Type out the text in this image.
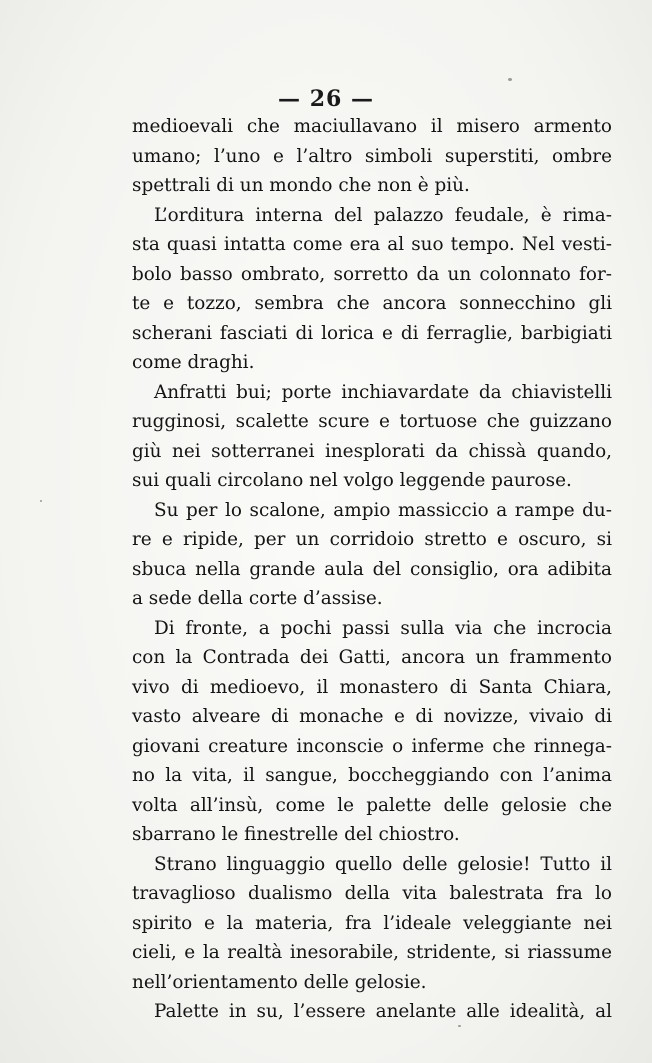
— 26 —
medioevali che maciullavano il misero armento
umano; l’uno e l’altro simboli superstiti, ombre
spettrali di un mondo che non è più.
L’orditura interna del palazzo feudale, è rima-
sta quasi intatta come era al suo tempo. Nel vesti-
bolo basso ombrato, sorretto da un colonnato for-
te e tozzo, sembra che ancora sonnecchino gli
scherani fasciati di lorica e di ferraglie, barbigiati
come draghi.
Anfratti bui; porte inchiavardate da chiavistelli
rugginosi, scalette scure e tortuose che guizzano
giù nei sotterranei inesplorati da chissà quando,
sui quali circolano nel volgo leggende paurose.
Su per lo scalone, ampio massiccio a rampe du-
re e ripide, per un corridoio stretto e oscuro, si
sbuca nella grande aula del consiglio, ora adibita
a sede della corte d’assise.
Di fronte, a pochi passi sulla via che incrocia
con la Contrada dei Gatti, ancora un frammento
vivo di medioevo, il monastero di Santa Chiara,
vasto alveare di monache e di novizze, vivaio di
giovani creature inconscie o inferme che rinnega-
no la vita, il sangue, boccheggiando con l’anima
volta all’insù, come le palette delle gelosie che
sbarrano le finestrelle del chiostro.
Strano linguaggio quello delle gelosie! Tutto il
travaglioso dualismo della vita balestrata fra lo
spirito e la materia, fra l’ideale veleggiante nei
cieli, e la realtà inesorabile, stridente, si riassume
nell’orientamento delle gelosie.
Palette in su, l’essere anelante alle idealità, al
